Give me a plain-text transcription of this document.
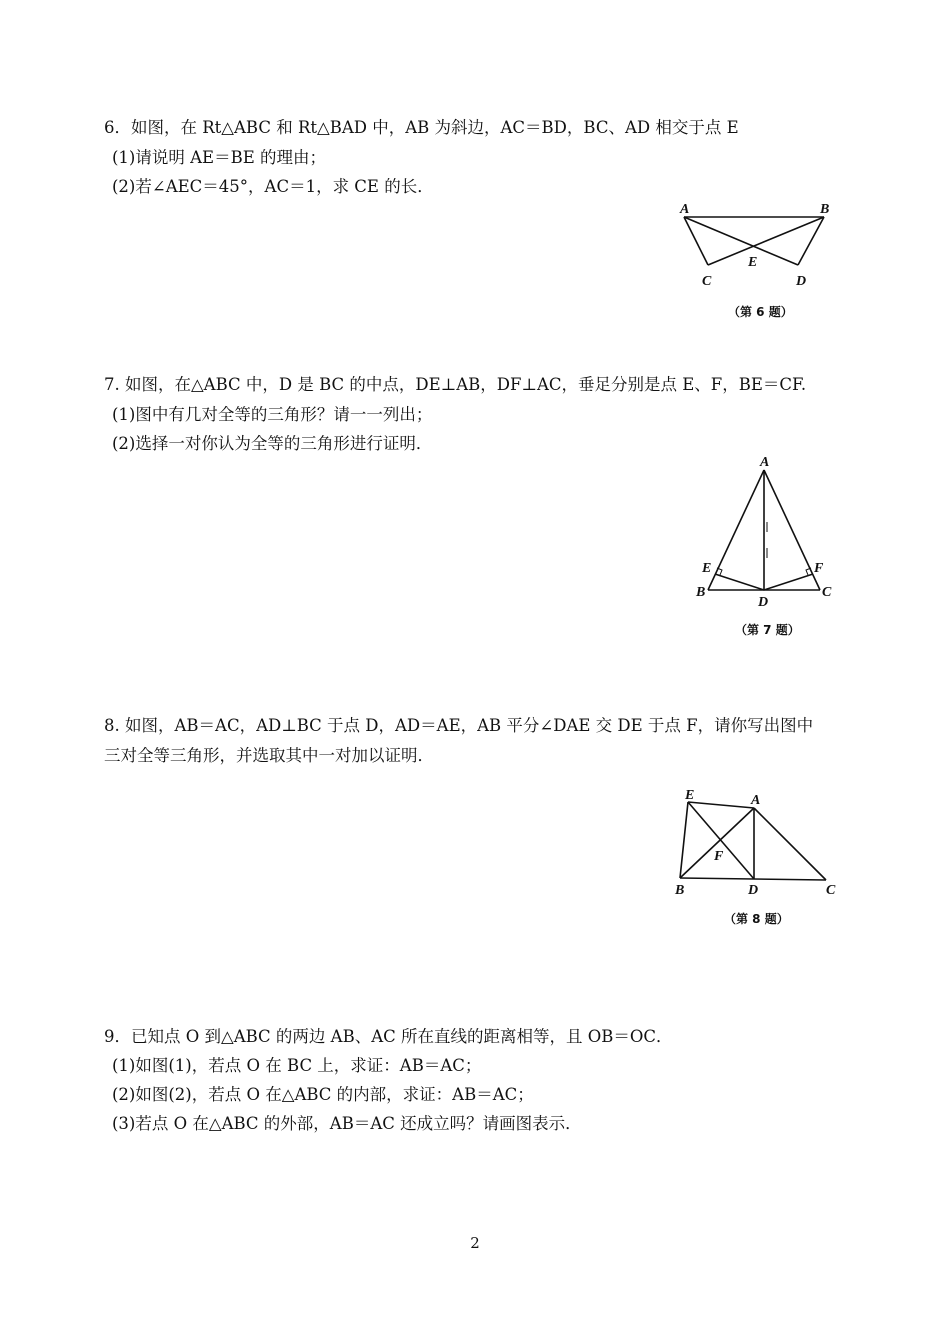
6．如图，在 Rt△ABC 和 Rt△BAD 中，AB 为斜边，AC＝BD，BC、AD 相交于点 E
(1)请说明 AE＝BE 的理由；
(2)若∠AEC＝45°，AC＝1，求 CE 的长．
A	B
C	D
E
（第 6 题）
7. 如图，在△ABC 中，D 是 BC 的中点，DE⊥AB，DF⊥AC，垂足分别是点 E、F，BE＝CF.
(1)图中有几对全等的三角形？请一一列出；
(2)选择一对你认为全等的三角形进行证明．
A
B	C
D
E	F
（第 7 题）
8. 如图，AB＝AC，AD⊥BC 于点 D，AD＝AE，AB 平分∠DAE 交 DE 于点 F，请你写出图中
三对全等三角形，并选取其中一对加以证明．
E	A
B	D	C
F
（第 8 题）
9．已知点 O 到△ABC 的两边 AB、AC 所在直线的距离相等，且 OB＝OC．
(1)如图(1)，若点 O 在 BC 上，求证：AB＝AC；
(2)如图(2)，若点 O 在△ABC 的内部，求证：AB＝AC；
(3)若点 O 在△ABC 的外部，AB＝AC 还成立吗？请画图表示．
2
